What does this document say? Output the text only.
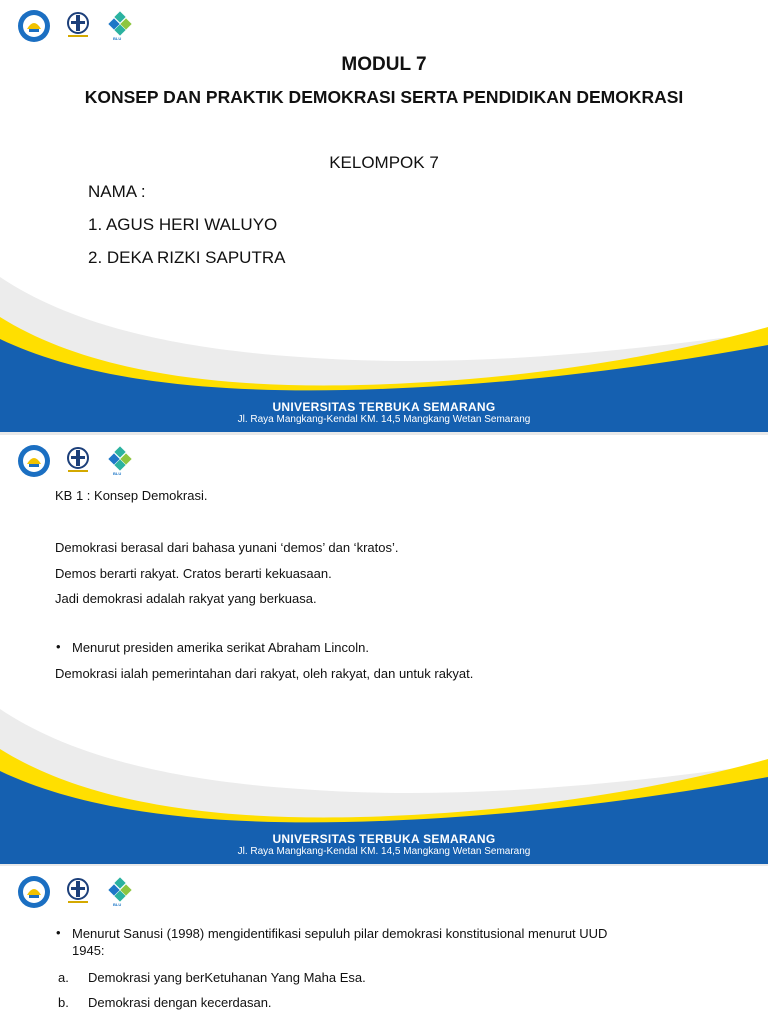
BLU
MODUL 7
KONSEP DAN PRAKTIK DEMOKRASI SERTA PENDIDIKAN DEMOKRASI
KELOMPOK 7
NAMA :
1. AGUS HERI WALUYO
2. DEKA RIZKI SAPUTRA
UNIVERSITAS TERBUKA SEMARANG
Jl. Raya Mangkang-Kendal KM. 14,5 Mangkang Wetan Semarang
BLU
KB 1 : Konsep Demokrasi.
Demokrasi berasal dari bahasa yunani ‘demos’ dan ‘kratos’.
Demos berarti rakyat. Cratos berarti kekuasaan.
Jadi demokrasi adalah rakyat yang berkuasa.
• Menurut presiden amerika serikat Abraham Lincoln.
Demokrasi ialah pemerintahan dari rakyat, oleh rakyat, dan untuk rakyat.
UNIVERSITAS TERBUKA SEMARANG
Jl. Raya Mangkang-Kendal KM. 14,5 Mangkang Wetan Semarang
BLU
• Menurut Sanusi (1998) mengidentifikasi sepuluh pilar demokrasi konstitusional menurut UUD
1945:
a. Demokrasi yang berKetuhanan Yang Maha Esa.
b. Demokrasi dengan kecerdasan.
